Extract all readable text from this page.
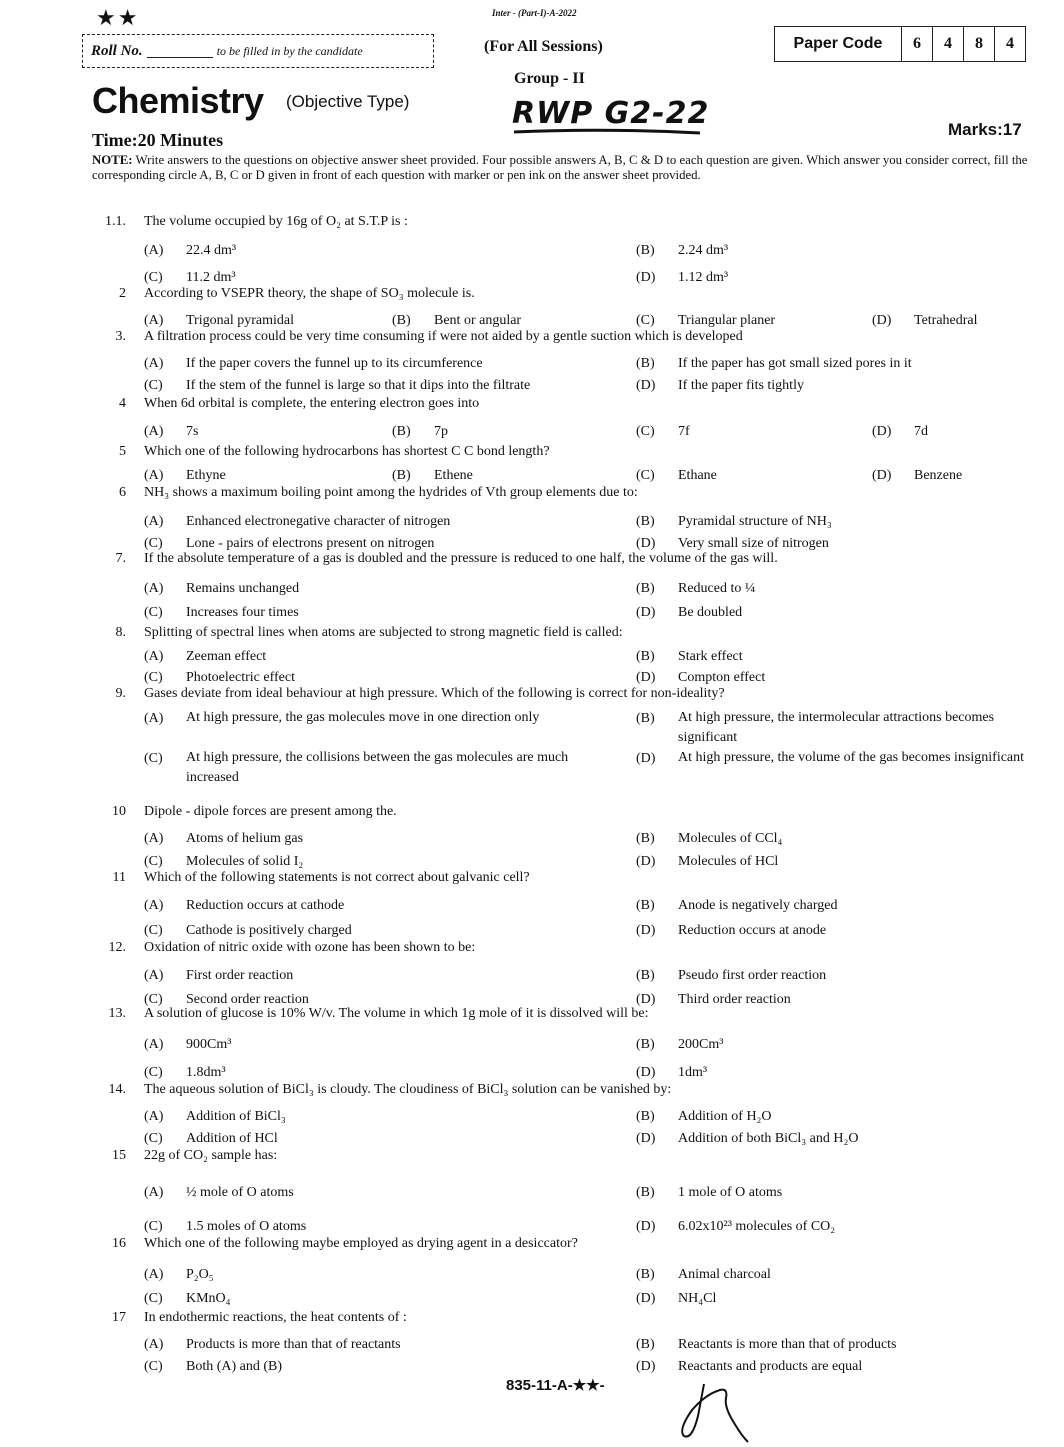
★★	Inter - (Part-I)-A-2022
Roll No.	to be filled in by the candidate	(For All Sessions)
Group - II
Paper Code	6	4	8	4
Chemistry (Objective Type)	RWP G2-22
Time:20 Minutes
Marks:17
NOTE: Write answers to the questions on objective answer sheet provided. Four possible answers A, B, C & D to each question are given. Which answer you consider correct, fill the corresponding circle A, B, C or D given in front of each question with marker or pen ink on the answer sheet provided.
1.1. The volume occupied by 16g of O₂ at S.T.P is :
(A) 22.4 dm³	(B) 2.24 dm³
(C) 11.2 dm³	(D) 1.12 dm³
2 According to VSEPR theory, the shape of SO₃ molecule is.
(A) Trigonal pyramidal	(B) Bent or angular	(C) Triangular planer	(D) Tetrahedral
3. A filtration process could be very time consuming if were not aided by a gentle suction which is developed
(A) If the paper covers the funnel up to its circumference	(B) If the paper has got small sized pores in it
(C) If the stem of the funnel is large so that it dips into the filtrate	(D) If the paper fits tightly
4 When 6d orbital is complete, the entering electron goes into
(A) 7s	(B) 7p	(C) 7f	(D) 7d
5 Which one of the following hydrocarbons has shortest C C bond length?
(A) Ethyne	(B) Ethene	(C) Ethane	(D) Benzene
6 NH₃ shows a maximum boiling point among the hydrides of Vth group elements due to:
(A) Enhanced electronegative character of nitrogen	(B) Pyramidal structure of NH₃
(C) Lone - pairs of electrons present on nitrogen	(D) Very small size of nitrogen
7. If the absolute temperature of a gas is doubled and the pressure is reduced to one half, the volume of the gas will.
(A) Remains unchanged	(B) Reduced to ¼
(C) Increases four times	(D) Be doubled
8. Splitting of spectral lines when atoms are subjected to strong magnetic field is called:
(A) Zeeman effect	(B) Stark effect
(C) Photoelectric effect	(D) Compton effect
9. Gases deviate from ideal behaviour at high pressure. Which of the following is correct for non-ideality?
(A) At high pressure, the gas molecules move in one direction only	(B) At high pressure, the intermolecular attractions becomes significant
(C) At high pressure, the collisions between the gas molecules are much increased
(D) At high pressure, the volume of the gas becomes insignificant
10 Dipole - dipole forces are present among the.
(A) Atoms of helium gas	(B) Molecules of CCl₄
(C) Molecules of solid I₂	(D) Molecules of HCl
11 Which of the following statements is not correct about galvanic cell?
(A) Reduction occurs at cathode	(B) Anode is negatively charged
(C) Cathode is positively charged	(D) Reduction occurs at anode
12. Oxidation of nitric oxide with ozone has been shown to be:
(A) First order reaction	(B) Pseudo first order reaction
(C) Second order reaction	(D) Third order reaction
13. A solution of glucose is 10% W/v. The volume in which 1g mole of it is dissolved will be:
(A) 900Cm³	(B) 200Cm³
(C) 1.8dm³	(D) 1dm³
14. The aqueous solution of BiCl₃ is cloudy. The cloudiness of BiCl₃ solution can be vanished by:
(A) Addition of BiCl₃	(B) Addition of H₂O
(C) Addition of HCl	(D) Addition of both BiCl₃ and H₂O
15 22g of CO₂ sample has:
(A) ½ mole of O atoms	(B) 1 mole of O atoms
(C) 1.5 moles of O atoms	(D) 6.02x10²³ molecules of CO₂
16 Which one of the following maybe employed as drying agent in a desiccator?
(A) P₂O₅	(B) Animal charcoal
(C) KMnO₄	(D) NH₄Cl
17 In endothermic reactions, the heat contents of :
(A) Products is more than that of reactants	(B) Reactants is more than that of products
(C) Both (A) and (B)	(D) Reactants and products are equal
835-11-A-★★-
